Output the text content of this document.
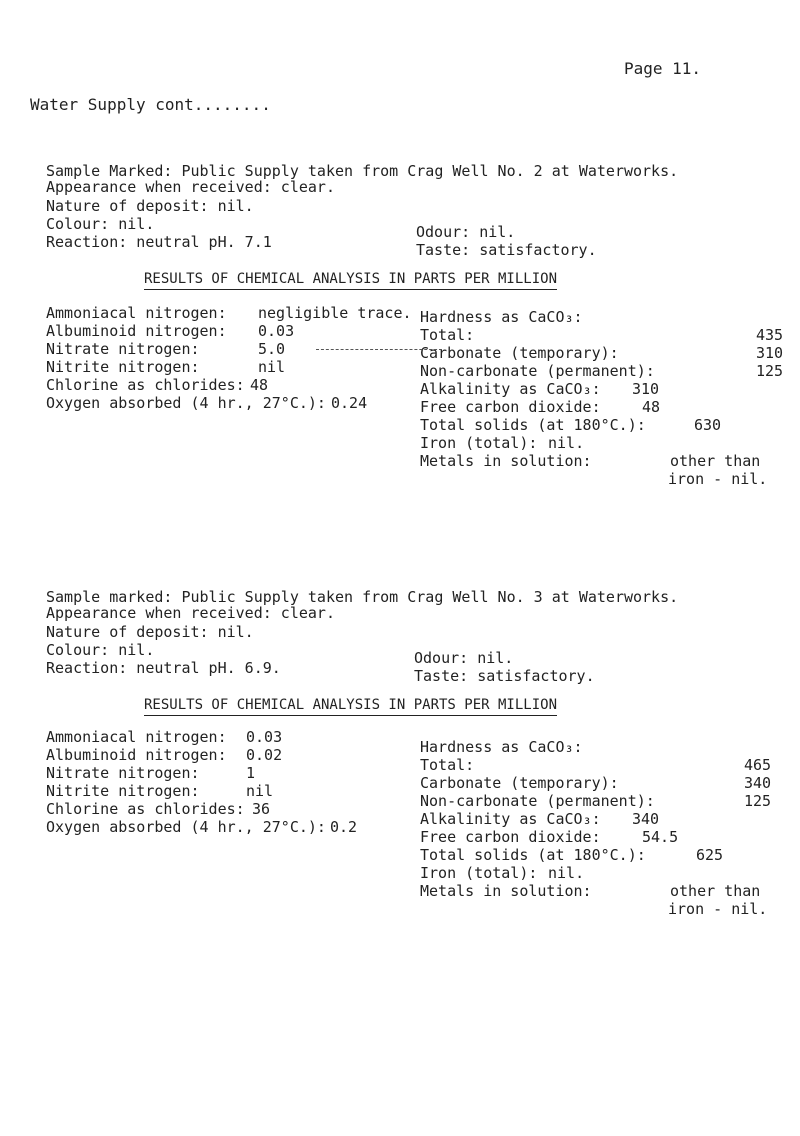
Page 11.
Water Supply cont........
Sample Marked: Public Supply taken from Crag Well No. 2 at Waterworks.
Appearance when received: clear.
Nature of deposit: nil.
Colour: nil.	Odour: nil.
Reaction: neutral pH. 7.1	Taste: satisfactory.
RESULTS OF CHEMICAL ANALYSIS IN PARTS PER MILLION
Ammoniacal nitrogen: negligible trace.
Albuminoid nitrogen: 0.03
Nitrate nitrogen:	5.0
Nitrite nitrogen:	nil
Chlorine as chlorides: 48
Oxygen absorbed (4 hr., 27°C.): 0.24
Hardness as CaCO₃:
Total:	435
Carbonate (temporary):	310
Non-carbonate (permanent):	125
Alkalinity as CaCO₃: 310
Free carbon dioxide:	48
Total solids (at 180°C.):	630
Iron (total): nil.
Metals in solution:	other than
iron - nil.
Sample marked: Public Supply taken from Crag Well No. 3 at Waterworks.
Appearance when received: clear.
Nature of deposit: nil.
Colour: nil.	Odour: nil.
Reaction: neutral pH. 6.9.	Taste: satisfactory.
RESULTS OF CHEMICAL ANALYSIS IN PARTS PER MILLION
Ammoniacal nitrogen: 0.03
Albuminoid nitrogen: 0.02
Nitrate nitrogen:	1
Nitrite nitrogen:	nil
Chlorine as chlorides: 36
Oxygen absorbed (4 hr., 27°C.): 0.2
Hardness as CaCO₃:
Total:	465
Carbonate (temporary):	340
Non-carbonate (permanent):	125
Alkalinity as CaCO₃: 340
Free carbon dioxide:	54.5
Total solids (at 180°C.):	625
Iron (total): nil.
Metals in solution:	other than
iron - nil.
